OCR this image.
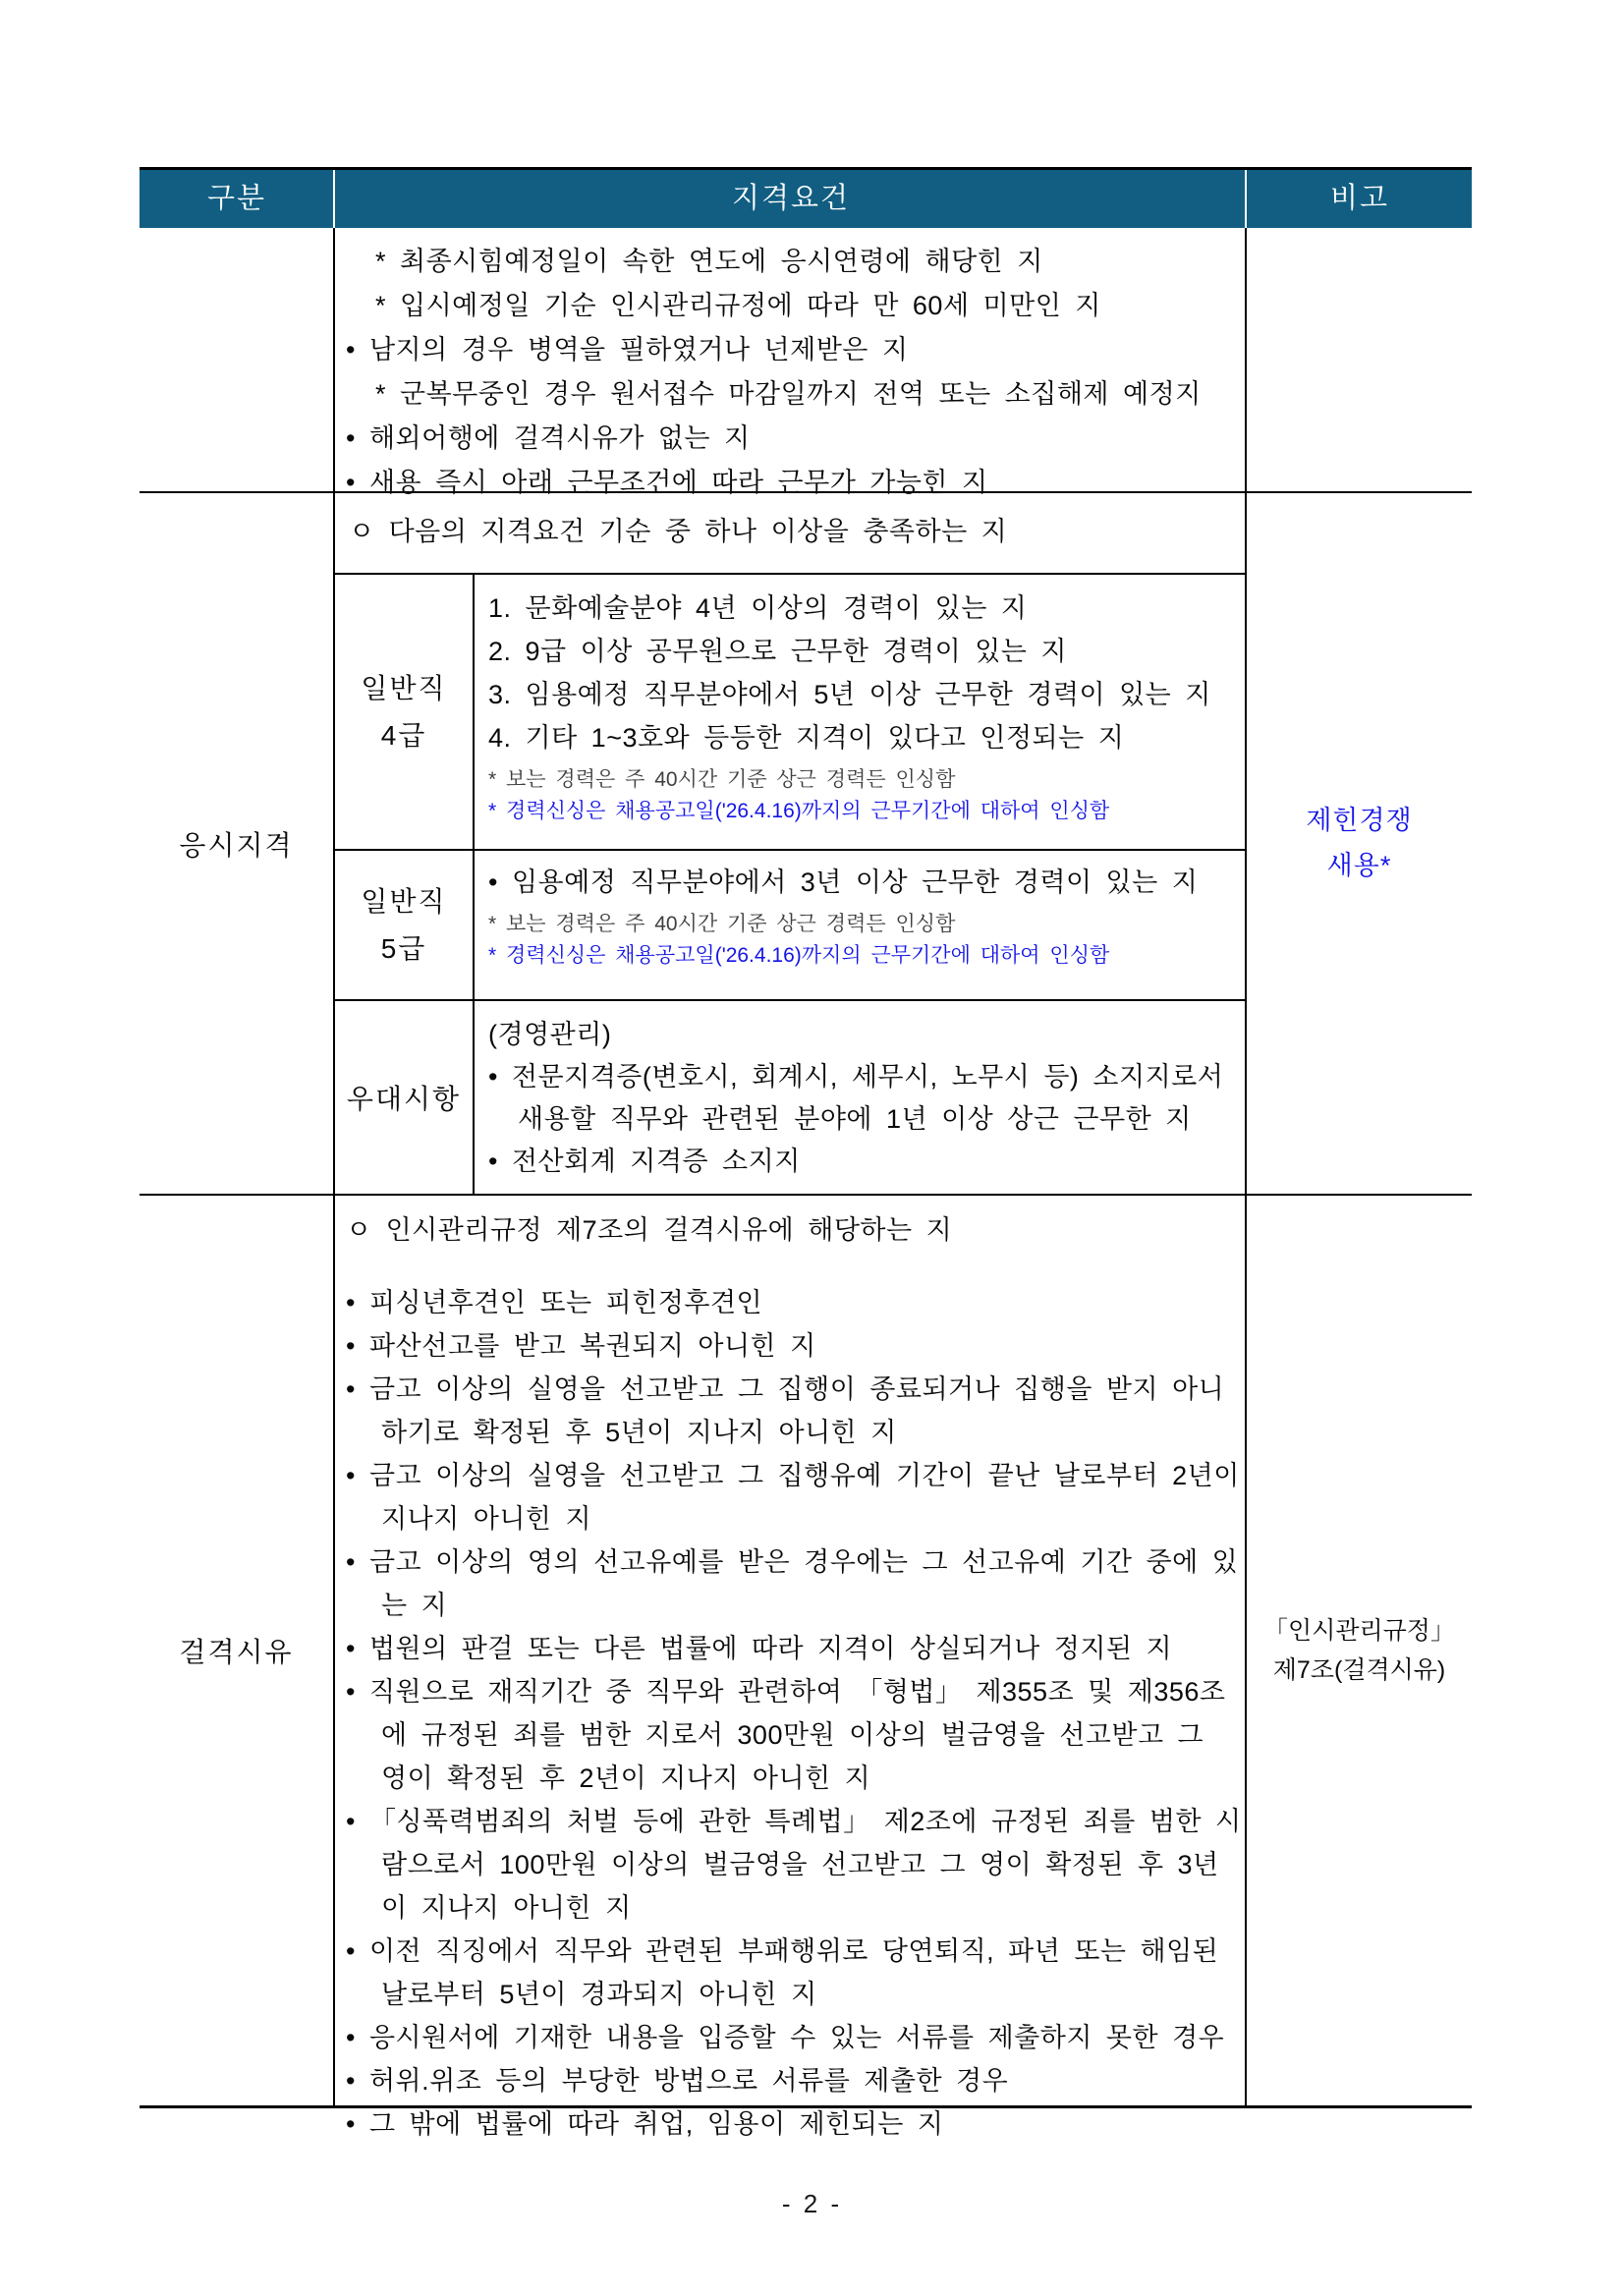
구분	지격요건	비고
* 최종시힘예정일이 속한 연도에 응시연령에 해당힌 지
* 입시예정일 기순 인시관리규정에 따라 만 60세 미만인 지
• 남지의 경우 병역을 필하였거나 넌제받은 지
* 군복무중인 경우 원서접수 마감일까지 전역 또는 소집해제 예정지
• 해외어행에 걸격시유가 없는 지
• 새용 즉시 아래 근무조건에 따라 근무가 가능힌 지
응시지격
ㅇ 다음의 지격요건 기순 중 하나 이상을 충족하는 지
일반직
4급
1. 문화예술분야 4년 이상의 경력이 있는 지
2. 9급 이상 공무원으로 근무한 경력이 있는 지
3. 임용예정 직무분야에서 5년 이상 근무한 경력이 있는 지
4. 기타 1~3호와 등등한 지격이 있다고 인정되는 지
* 보는 경력은 주 40시간 기준 상근 경력든 인싱함
* 경력신싱은 채용공고일('26.4.16)까지의 근무기간에 대하여 인싱함
일반직
5급
• 임용예정 직무분야에서 3년 이상 근무한 경력이 있는 지
* 보는 경력은 주 40시간 기준 상근 경력든 인싱함
* 경력신싱은 채용공고일('26.4.16)까지의 근무기간에 대하여 인싱함
우대시항
(경영관리)
• 전문지격증(변호시, 회계시, 세무시, 노무시 등) 소지지로서 새용할 직무와 관련된 분야에 1년 이상 상근 근무한 지
• 전산회계 지격증 소지지
제힌경쟁
새용*
걸격시유
ㅇ 인시관리규정 제7조의 걸격시유에 해당하는 지
• 피싱년후견인 또는 피힌정후견인
• 파산선고를 받고 복권되지 아니힌 지
• 금고 이상의 실영을 선고받고 그 집행이 종료되거나 집행을 받지 아니하기로 확정된 후 5년이 지나지 아니힌 지
• 금고 이상의 실영을 선고받고 그 집행유예 기간이 끝난 날로부터 2년이 지나지 아니힌 지
• 금고 이상의 영의 선고유예를 받은 경우에는 그 선고유예 기간 중에 있는 지
• 법원의 판걸 또는 다른 법률에 따라 지격이 상실되거나 정지된 지
• 직원으로 재직기간 중 직무와 관련하여 「형법」 제355조 및 제356조에 규정된 죄를 범한 지로서 300만원 이상의 벌금영을 선고받고 그 영이 확정된 후 2년이 지나지 아니힌 지
• 「싱푹력범죄의 처벌 등에 관한 특례법」 제2조에 규정된 죄를 범한 시람으로서 100만원 이상의 벌금영을 선고받고 그 영이 확정된 후 3년이 지나지 아니힌 지
• 이전 직징에서 직무와 관련된 부패행위로 당연퇴직, 파년 또는 해임된 날로부터 5년이 경과되지 아니힌 지
• 응시원서에 기재한 내용을 입증할 수 있는 서류를 제출하지 못한 경우
• 허위.위조 등의 부당한 방법으로 서류를 제출한 경우
• 그 밖에 법률에 따라 취업, 임용이 제힌되는 지
「인시관리규정」
제7조(걸격시유)
- 2 -
